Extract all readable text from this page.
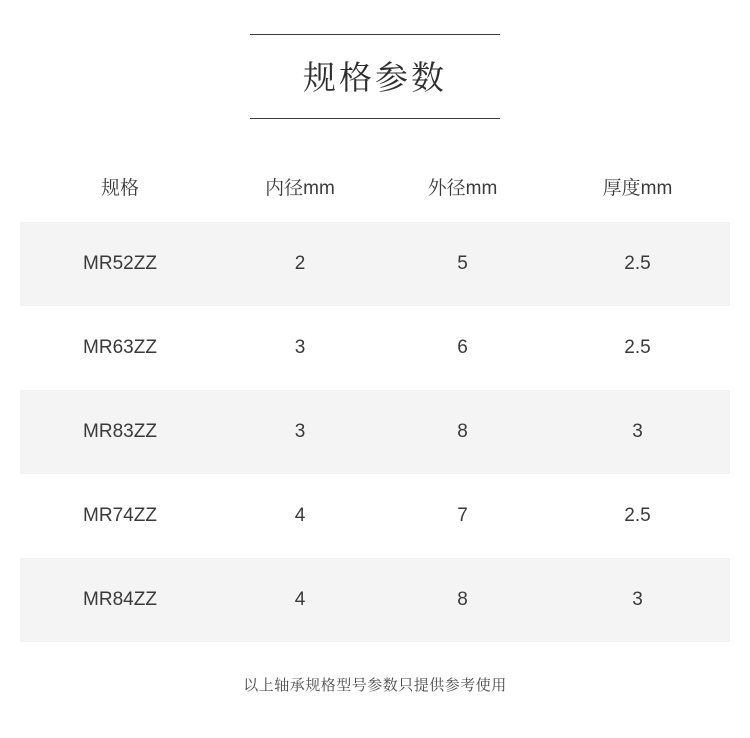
规格参数
规格	内径mm	外径mm	厚度mm
MR52ZZ	2	5	2.5
MR63ZZ	3	6	2.5
MR83ZZ	3	8	3
MR74ZZ	4	7	2.5
MR84ZZ	4	8	3
以上轴承规格型号参数只提供参考使用
